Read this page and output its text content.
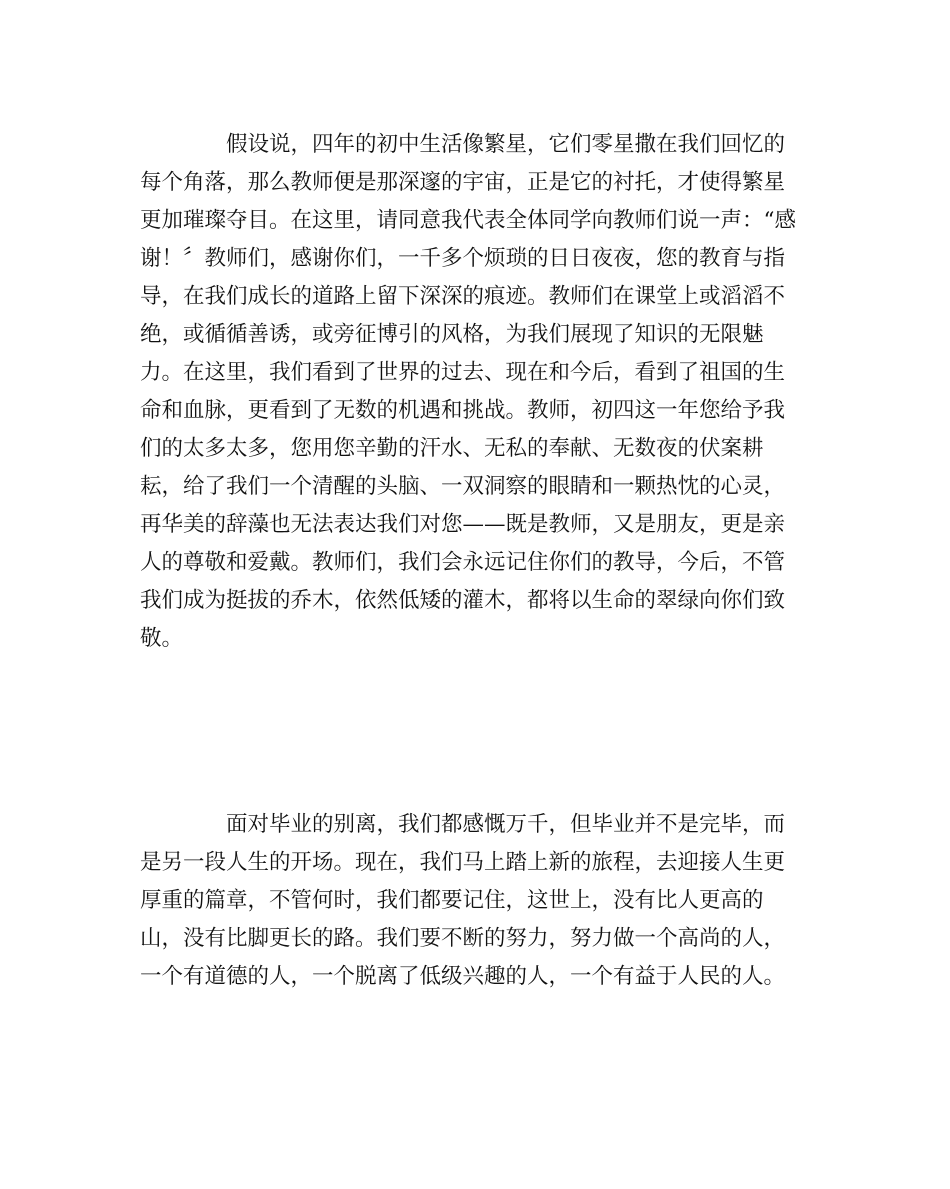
假设说，四年的初中生活像繁星，它们零星撒在我们回忆的
每个角落，那么教师便是那深邃的宇宙，正是它的衬托，才使得繁星
更加璀璨夺目。在这里，请同意我代表全体同学向教师们说一声：“感
谢！〞教师们，感谢你们，一千多个烦琐的日日夜夜，您的教育与指
导，在我们成长的道路上留下深深的痕迹。教师们在课堂上或滔滔不
绝，或循循善诱，或旁征博引的风格，为我们展现了知识的无限魅
力。在这里，我们看到了世界的过去、现在和今后，看到了祖国的生
命和血脉，更看到了无数的机遇和挑战。教师，初四这一年您给予我
们的太多太多，您用您辛勤的汗水、无私的奉献、无数夜的伏案耕
耘，给了我们一个清醒的头脑、一双洞察的眼睛和一颗热忱的心灵，
再华美的辞藻也无法表达我们对您——既是教师，又是朋友，更是亲
人的尊敬和爱戴。教师们，我们会永远记住你们的教导，今后，不管
我们成为挺拔的乔木，依然低矮的灌木，都将以生命的翠绿向你们致
敬。
面对毕业的别离，我们都感慨万千，但毕业并不是完毕，而
是另一段人生的开场。现在，我们马上踏上新的旅程，去迎接人生更
厚重的篇章，不管何时，我们都要记住，这世上，没有比人更高的
山，没有比脚更长的路。我们要不断的努力，努力做一个高尚的人，
一个有道德的人，一个脱离了低级兴趣的人，一个有益于人民的人。
